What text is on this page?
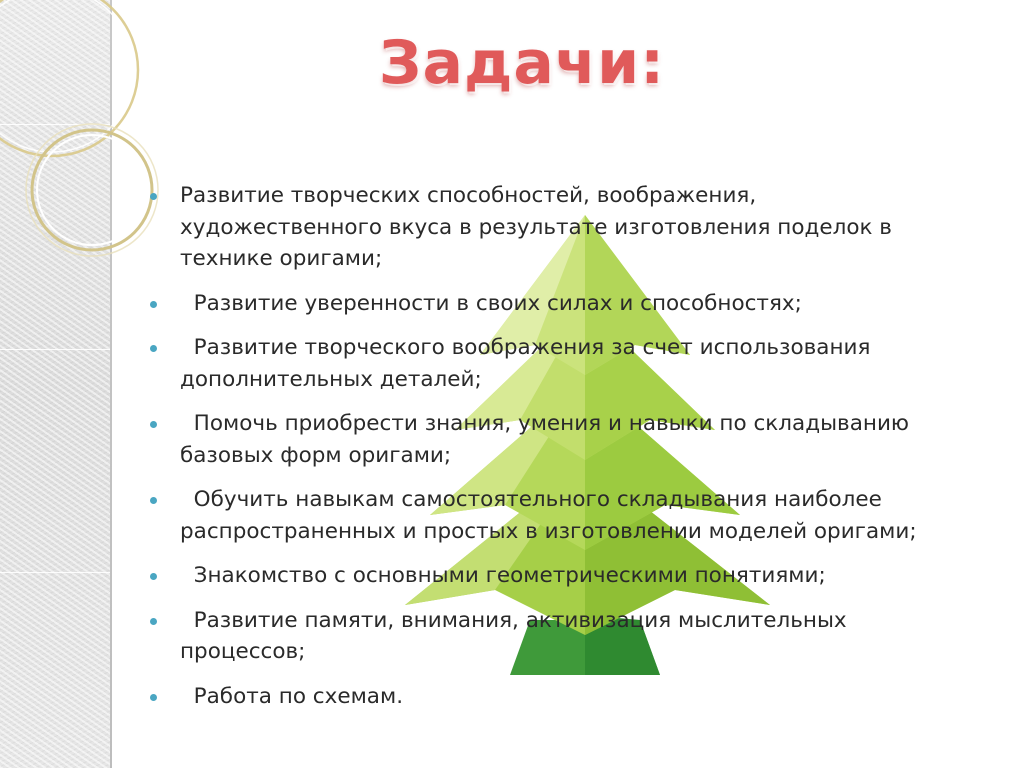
Задачи:
Развитие творческих способностей, воображения, художественного вкуса в результате изготовления поделок в технике оригами;
Развитие уверенности в своих силах и способностях;
Развитие творческого воображения за счет использования дополнительных деталей;
Помочь приобрести знания, умения и навыки по складыванию базовых форм оригами;
Обучить навыкам самостоятельного складывания наиболее распространенных и простых в изготовлении моделей оригами;
Знакомство с основными геометрическими понятиями;
Развитие памяти, внимания, активизация мыслительных процессов;
Работа по схемам.
